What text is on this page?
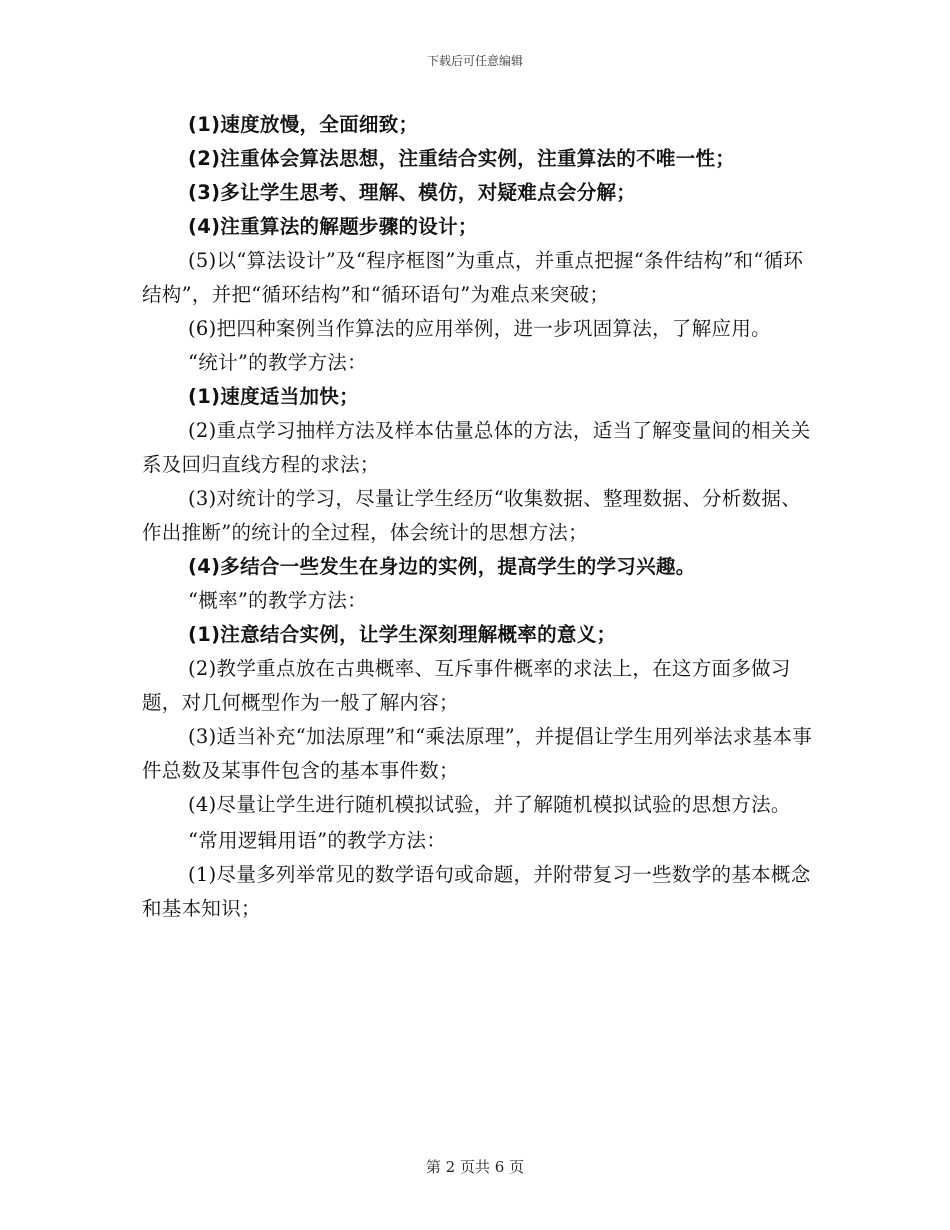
下载后可任意编辑

(1)速度放慢，全面细致；

(2)注重体会算法思想，注重结合实例，注重算法的不唯一性；

(3)多让学生思考、理解、模仿，对疑难点会分解；

(4)注重算法的解题步骤的设计；

(5)以“算法设计”及“程序框图”为重点，并重点把握“条件结构”和“循环结构”，并把“循环结构”和“循环语句”为难点来突破；

(6)把四种案例当作算法的应用举例，进一步巩固算法，了解应用。

“统计”的教学方法：

(1)速度适当加快；

(2)重点学习抽样方法及样本估量总体的方法，适当了解变量间的相关关系及回归直线方程的求法；

(3)对统计的学习，尽量让学生经历“收集数据、整理数据、分析数据、作出推断”的统计的全过程，体会统计的思想方法；

(4)多结合一些发生在身边的实例，提高学生的学习兴趣。

“概率”的教学方法：

(1)注意结合实例，让学生深刻理解概率的意义；

(2)教学重点放在古典概率、互斥事件概率的求法上，在这方面多做习题，对几何概型作为一般了解内容；

(3)适当补充“加法原理”和“乘法原理”，并提倡让学生用列举法求基本事件总数及某事件包含的基本事件数；

(4)尽量让学生进行随机模拟试验，并了解随机模拟试验的思想方法。

“常用逻辑用语”的教学方法：

(1)尽量多列举常见的数学语句或命题，并附带复习一些数学的基本概念和基本知识；

第 2 页共 6 页
